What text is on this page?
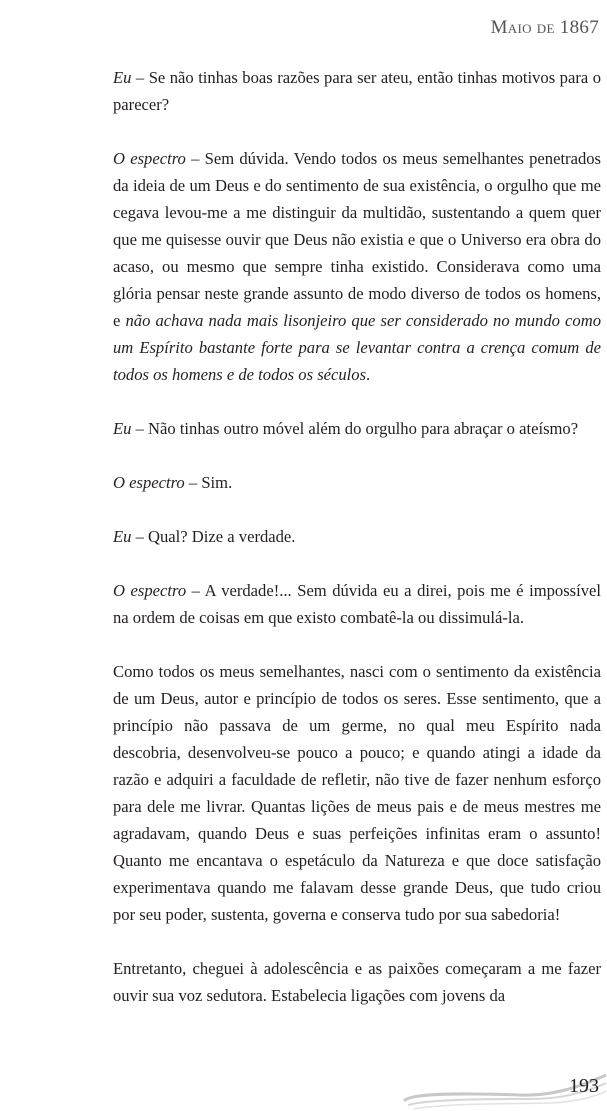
Maio de 1867

Eu – Se não tinhas boas razões para ser ateu, então tinhas motivos para o parecer?

O espectro – Sem dúvida. Vendo todos os meus semelhantes penetrados da ideia de um Deus e do sentimento de sua existência, o orgulho que me cegava levou-me a me distinguir da multidão, sustentando a quem quer que me quisesse ouvir que Deus não existia e que o Universo era obra do acaso, ou mesmo que sempre tinha existido. Considerava como uma glória pensar neste grande assunto de modo diverso de todos os homens, e não achava nada mais lisonjeiro que ser considerado no mundo como um Espírito bastante forte para se levantar contra a crença comum de todos os homens e de todos os séculos.

Eu – Não tinhas outro móvel além do orgulho para abraçar o ateísmo?

O espectro – Sim.

Eu – Qual? Dize a verdade.

O espectro – A verdade!... Sem dúvida eu a direi, pois me é impossível na ordem de coisas em que existo combatê-la ou dissimulá-la.

Como todos os meus semelhantes, nasci com o sentimento da existência de um Deus, autor e princípio de todos os seres. Esse sentimento, que a princípio não passava de um germe, no qual meu Espírito nada descobria, desenvolveu-se pouco a pouco; e quando atingi a idade da razão e adquiri a faculdade de refletir, não tive de fazer nenhum esforço para dele me livrar. Quantas lições de meus pais e de meus mestres me agradavam, quando Deus e suas perfeições infinitas eram o assunto! Quanto me encantava o espetáculo da Natureza e que doce satisfação experimentava quando me falavam desse grande Deus, que tudo criou por seu poder, sustenta, governa e conserva tudo por sua sabedoria!

Entretanto, cheguei à adolescência e as paixões começaram a me fazer ouvir sua voz sedutora. Estabelecia ligações com jovens da

193
